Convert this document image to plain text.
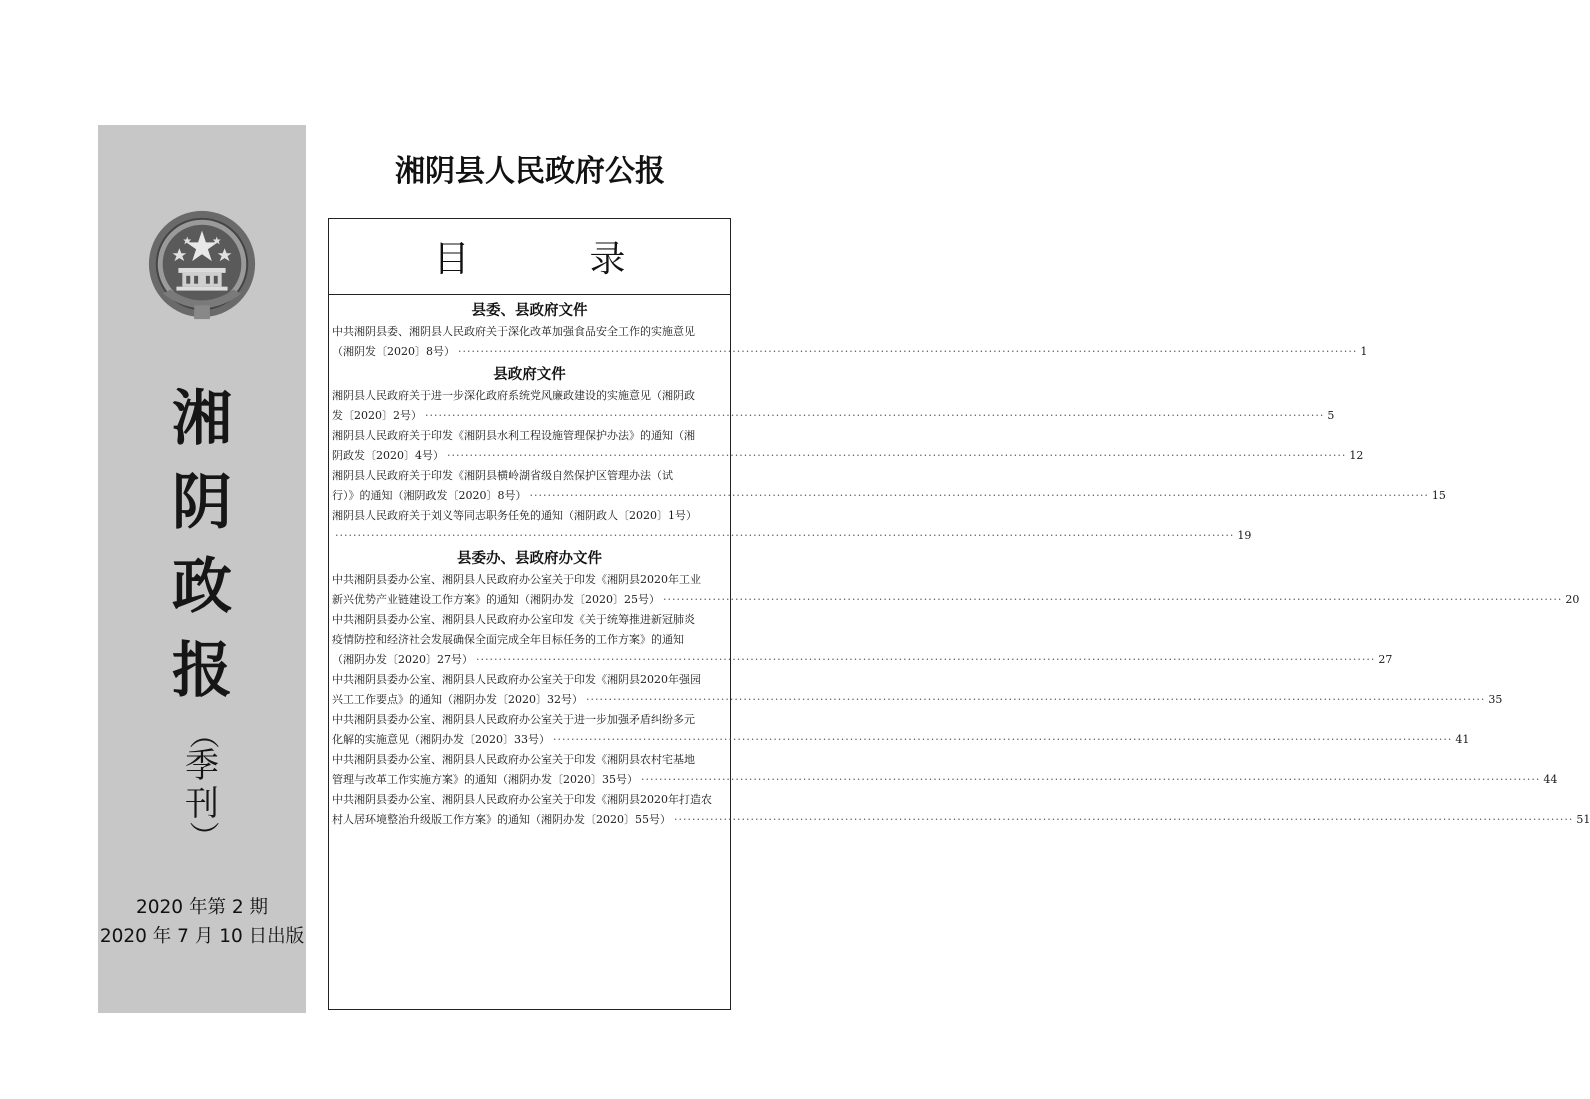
湘
阴
政
报
（
季
刊
）
2020 年第 2 期
2020 年 7 月 10 日出版
湘阴县人民政府公报
目　录
县委、县政府文件
中共湘阴县委、湘阴县人民政府关于深化改革加强食品安全工作的实施意见
（湘阴发〔2020〕8号） ········································································································································································································ 1
县政府文件
湘阴县人民政府关于进一步深化政府系统党风廉政建设的实施意见（湘阴政
发〔2020〕2号） ········································································································································································································ 5
湘阴县人民政府关于印发《湘阴县水利工程设施管理保护办法》的通知（湘
阴政发〔2020〕4号） ········································································································································································································ 12
湘阴县人民政府关于印发《湘阴县横岭湖省级自然保护区管理办法（试
行）》的通知（湘阴政发〔2020〕8号） ········································································································································································································ 15
湘阴县人民政府关于刘义等同志职务任免的通知（湘阴政人〔2020〕1号）
········································································································································································································ 19
县委办、县政府办文件
中共湘阴县委办公室、湘阴县人民政府办公室关于印发《湘阴县2020年工业
新兴优势产业链建设工作方案》的通知（湘阴办发〔2020〕25号） ········································································································································································································ 20
中共湘阴县委办公室、湘阴县人民政府办公室印发《关于统筹推进新冠肺炎
疫情防控和经济社会发展确保全面完成全年目标任务的工作方案》的通知
（湘阴办发〔2020〕27号） ········································································································································································································ 27
中共湘阴县委办公室、湘阴县人民政府办公室关于印发《湘阴县2020年强园
兴工工作要点》的通知（湘阴办发〔2020〕32号） ········································································································································································································ 35
中共湘阴县委办公室、湘阴县人民政府办公室关于进一步加强矛盾纠纷多元
化解的实施意见（湘阴办发〔2020〕33号） ········································································································································································································ 41
中共湘阴县委办公室、湘阴县人民政府办公室关于印发《湘阴县农村宅基地
管理与改革工作实施方案》的通知（湘阴办发〔2020〕35号） ········································································································································································································ 44
中共湘阴县委办公室、湘阴县人民政府办公室关于印发《湘阴县2020年打造农
村人居环境整治升级版工作方案》的通知（湘阴办发〔2020〕55号） ········································································································································································································ 51
